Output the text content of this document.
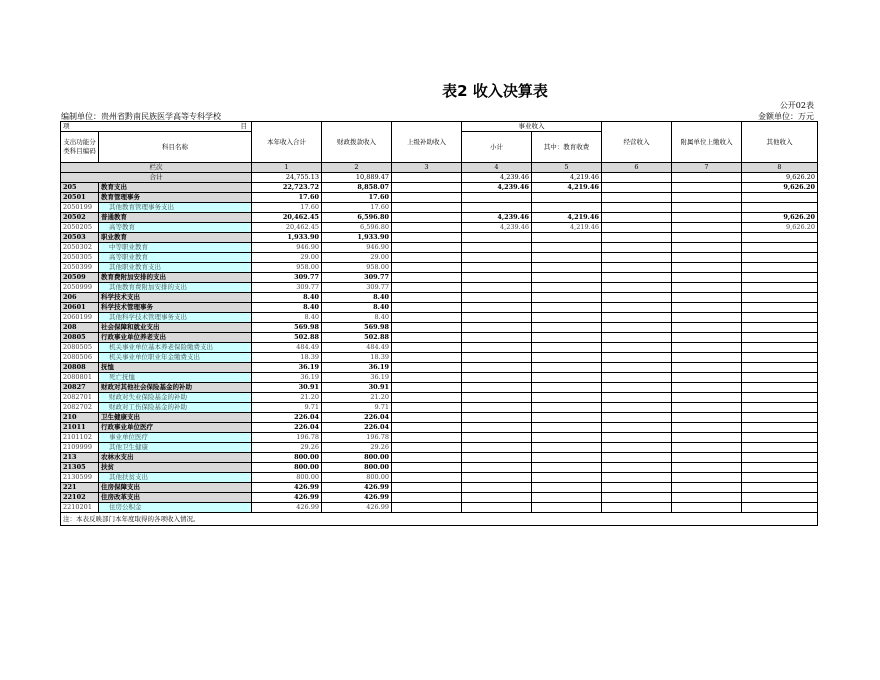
表2 收入决算表
公开02表
编制单位：贵州省黔南民族医学高等专科学校	金额单位：万元
项 目		本年收入合计	财政拨款收入	上级补助收入	事业收入		经营收入	附属单位上缴收入	其他收入
支出功能分类科目编码	科目名称				小计	其中：教育收费			

栏次		1	2	3	4	5	6	7	8
合计		24,755.13	10,889.47		4,239.46	4,219.46			9,626.20
205	教育支出	22,723.72	8,858.07		4,239.46	4,219.46			9,626.20
20501	教育管理事务	17.60	17.60						
2050199	其他教育管理事务支出	17.60	17.60						
20502	普通教育	20,462.45	6,596.80		4,239.46	4,219.46			9,626.20
2050205	高等教育	20,462.45	6,596.80		4,239.46	4,219.46			9,626.20
20503	职业教育	1,933.90	1,933.90						
2050302	中等职业教育	946.90	946.90						
2050305	高等职业教育	29.00	29.00						
2050399	其他职业教育支出	958.00	958.00						
20509	教育费附加安排的支出	309.77	309.77						
2050999	其他教育费附加安排的支出	309.77	309.77						
206	科学技术支出	8.40	8.40						
20601	科学技术管理事务	8.40	8.40						
2060199	其他科学技术管理事务支出	8.40	8.40						
208	社会保障和就业支出	569.98	569.98						
20805	行政事业单位养老支出	502.88	502.88						
2080505	机关事业单位基本养老保险缴费支出	484.49	484.49						
2080506	机关事业单位职业年金缴费支出	18.39	18.39						
20808	抚恤	36.19	36.19						
2080801	死亡抚恤	36.19	36.19						
20827	财政对其他社会保险基金的补助	30.91	30.91						
2082701	财政对失业保险基金的补助	21.20	21.20						
2082702	财政对工伤保险基金的补助	9.71	9.71						
210	卫生健康支出	226.04	226.04						
21011	行政事业单位医疗	226.04	226.04						
2101102	事业单位医疗	196.78	196.78						
2109999	其他卫生健康	29.26	29.26						
213	农林水支出	800.00	800.00						
21305	扶贫	800.00	800.00						
2130599	其他扶贫支出	800.00	800.00						
221	住房保障支出	426.99	426.99						
22102	住房改革支出	426.99	426.99						
2210201	住房公积金	426.99	426.99						
注：本表反映部门本年度取得的各项收入情况。									
